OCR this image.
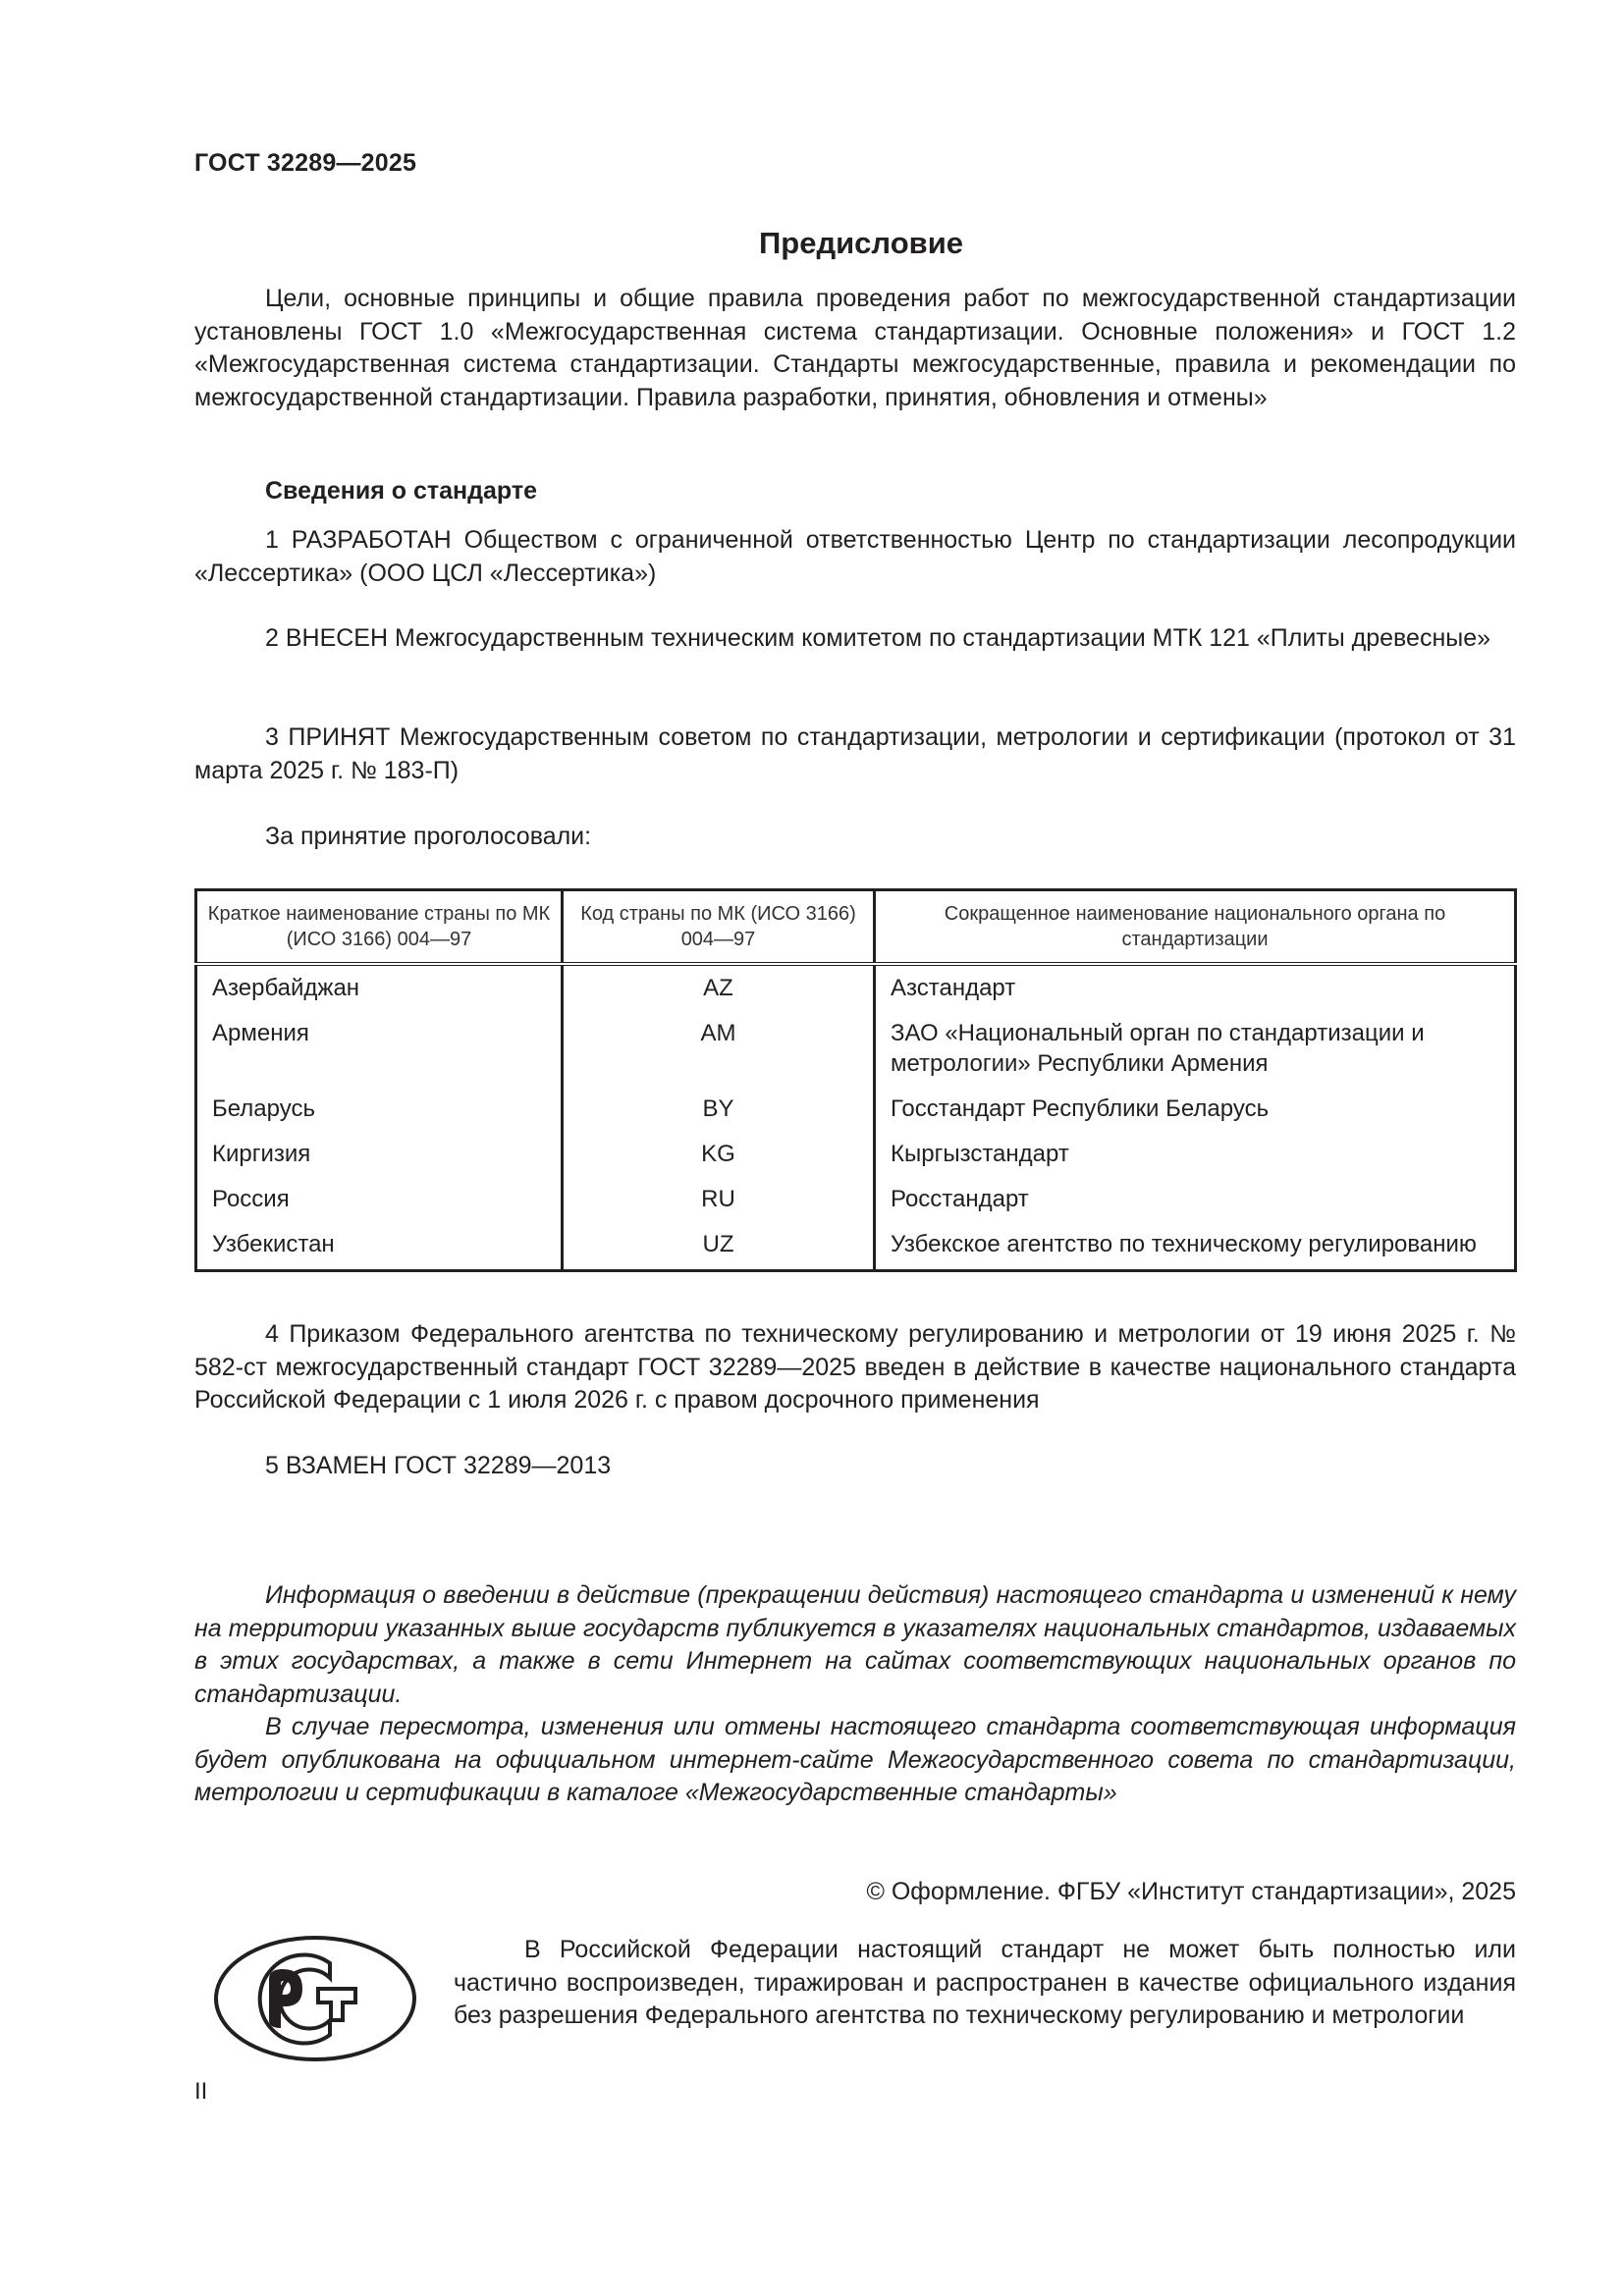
ГОСТ 32289—2025
Предисловие
Цели, основные принципы и общие правила проведения работ по межгосударственной стандартизации установлены ГОСТ 1.0 «Межгосударственная система стандартизации. Основные положения» и ГОСТ 1.2 «Межгосударственная система стандартизации. Стандарты межгосударственные, правила и рекомендации по межгосударственной стандартизации. Правила разработки, принятия, обновления и отмены»
Сведения о стандарте
1 РАЗРАБОТАН Обществом с ограниченной ответственностью Центр по стандартизации лесопродукции «Лессертика» (ООО ЦСЛ «Лессертика»)
2 ВНЕСЕН Межгосударственным техническим комитетом по стандартизации МТК 121 «Плиты древесные»
3 ПРИНЯТ Межгосударственным советом по стандартизации, метрологии и сертификации (протокол от 31 марта 2025 г. № 183-П)
За принятие проголосовали:
Краткое наименование страны по МК (ИСО 3166) 004—97	Код страны по МК (ИСО 3166) 004—97	Сокращенное наименование национального органа по стандартизации
Азербайджан	AZ	Азстандарт
Армения	AM	ЗАО «Национальный орган по стандартизации и метрологии» Республики Армения
Беларусь	BY	Госстандарт Республики Беларусь
Киргизия	KG	Кыргызстандарт
Россия	RU	Росстандарт
Узбекистан	UZ	Узбекское агентство по техническому регулированию
4 Приказом Федерального агентства по техническому регулированию и метрологии от 19 июня 2025 г. № 582-ст межгосударственный стандарт ГОСТ 32289—2025 введен в действие в качестве национального стандарта Российской Федерации с 1 июля 2026 г. с правом досрочного применения
5 ВЗАМЕН ГОСТ 32289—2013
Информация о введении в действие (прекращении действия) настоящего стандарта и изменений к нему на территории указанных выше государств публикуется в указателях национальных стандартов, издаваемых в этих государствах, а также в сети Интернет на сайтах соответствующих национальных органов по стандартизации.
В случае пересмотра, изменения или отмены настоящего стандарта соответствующая информация будет опубликована на официальном интернет-сайте Межгосударственного совета по стандартизации, метрологии и сертификации в каталоге «Межгосударственные стандарты»
© Оформление. ФГБУ «Институт стандартизации», 2025
В Российской Федерации настоящий стандарт не может быть полностью или частично воспроизведен, тиражирован и распространен в качестве официального издания без разрешения Федерального агентства по техническому регулированию и метрологии
II
